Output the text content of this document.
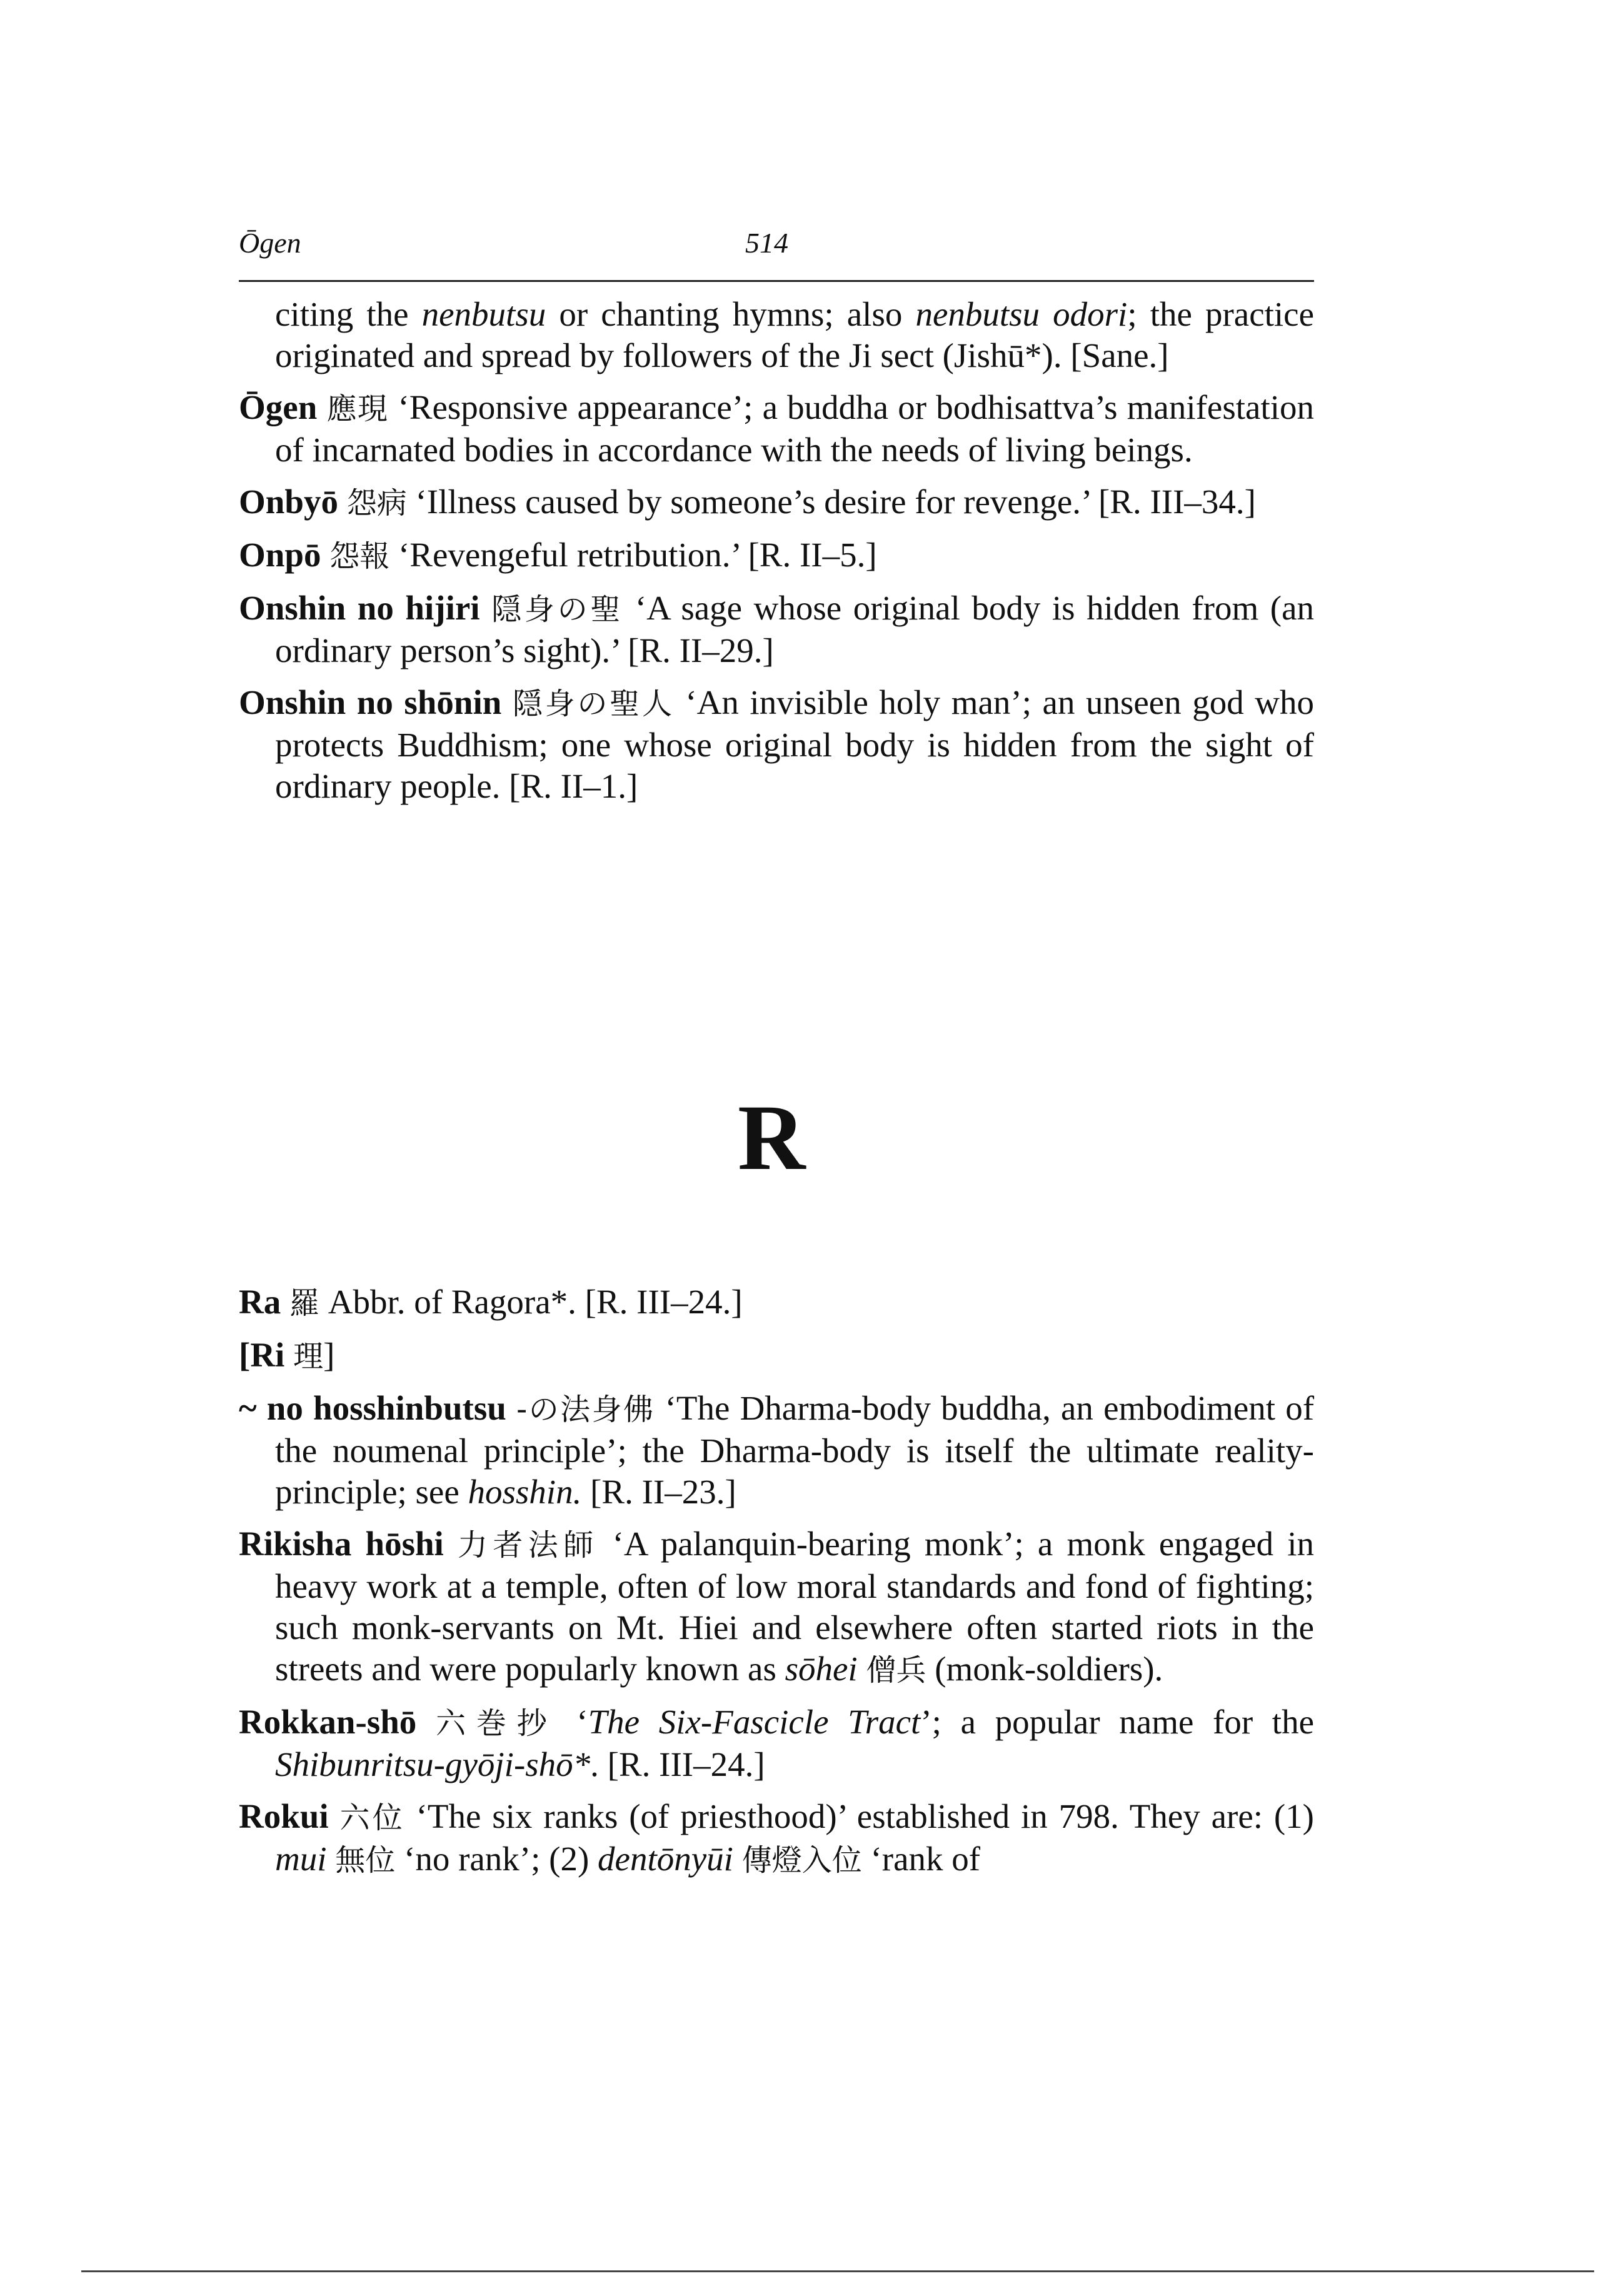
Ōgen	514

citing the nenbutsu or chanting hymns; also nenbutsu odori; the practice originated and spread by followers of the Ji sect (Jishū*). [Sane.]

Ōgen 應現 ‘Responsive appearance’; a buddha or bodhisattva’s manifestation of incarnated bodies in accordance with the needs of living beings.

Onbyō 怨病 ‘Illness caused by someone’s desire for revenge.’ [R. III–34.]

Onpō 怨報 ‘Revengeful retribution.’ [R. II–5.]

Onshin no hijiri 隠身の聖 ‘A sage whose original body is hidden from (an ordinary person’s sight).’ [R. II–29.]

Onshin no shōnin 隠身の聖人 ‘An invisible holy man’; an unseen god who protects Buddhism; one whose original body is hidden from the sight of ordinary people. [R. II–1.]

R

Ra 羅 Abbr. of Ragora*. [R. III–24.]

[Ri 理]

~ no hosshinbutsu -の法身佛 ‘The Dharma-body buddha, an embodiment of the noumenal principle’; the Dharma-body is itself the ultimate reality-principle; see hosshin. [R. II–23.]

Rikisha hōshi 力者法師 ‘A palanquin-bearing monk’; a monk engaged in heavy work at a temple, often of low moral standards and fond of fighting; such monk-servants on Mt. Hiei and elsewhere often started riots in the streets and were popularly known as sōhei 僧兵 (monk-soldiers).

Rokkan-shō 六巻抄 ‘The Six-Fascicle Tract’; a popular name for the Shibunritsu-gyōji-shō*. [R. III–24.]

Rokui 六位 ‘The six ranks (of priesthood)’ established in 798. They are: (1) mui 無位 ‘no rank’; (2) dentōnyūi 傳燈入位 ‘rank of
